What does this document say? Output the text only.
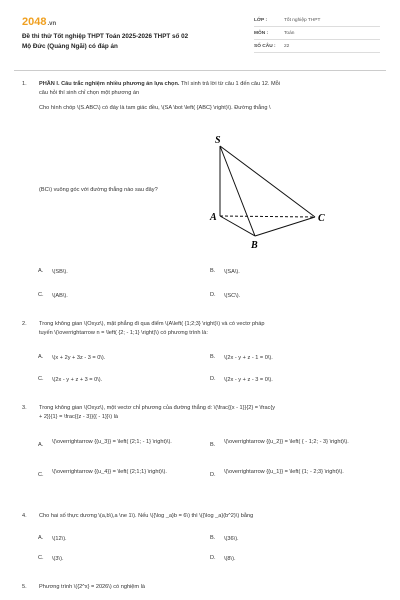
2048.vn
Đề thi thử Tốt nghiệp THPT Toán 2025-2026 THPT số 02
Mộ Đức (Quảng Ngãi) có đáp án
LỚP :	Tốt nghiệp THPT
MÔN :	Toán
SỐ CÂU :	22
1. PHẦN I. Câu trắc nghiệm nhiều phương án lựa chọn. Thí sinh trả lời từ câu 1 đến câu 12. Mỗi
câu hỏi thí sinh chỉ chọn một phương án
Cho hình chóp \(S.ABC\) có đáy là tam giác đều, \(SA \bot \left( {ABC} \right)\). Đường thẳng \
S
A
B
C
(BC\) vuông góc với đường thẳng nào sau đây?
A.	\(SB\).	B.	\(SA\).
C.	\(AB\).	D.	\(SC\).
2. Trong không gian \(Oxyz\), mặt phẳng đi qua điểm \(A\left( {1;2;3} \right)\) và có vectơ pháp
tuyến \(\overrightarrow n = \left( {2; - 1;1} \right)\) có phương trình là:
A.	\(x + 2y + 3z - 3 = 0\).	B.	\(2x - y + z - 1 = 0\).
C.	\(2x - y + z + 3 = 0\).	D.	\(2x - y + z - 3 = 0\).
3. Trong không gian \(Oxyz\), một vectơ chỉ phương của đường thẳng d: \(\frac{{x - 1}}{2} = \frac{y
+ 2}}{1} = \frac{{z - 3}}{{ - 1}}\) là
A.	\(\overrightarrow {{u_3}} = \left( {2;1; - 1} \right)\).	B.	\(\overrightarrow {{u_2}} = \left( { - 1;2; - 3} \right)\).
C.	\(\overrightarrow {{u_4}} = \left( {2;1;1} \right)\).	D.	\(\overrightarrow {{u_1}} = \left( {1; - 2;3} \right)\).
4. Cho hai số thực dương \(a,b\),a \ne 1\). Nếu \({\log _a}b = 6\) thì \({\log _a}(b^2)\) bằng
A.	\(12\).	B.	\(36\).
C.	\(3\).	D.	\(8\).
5. Phương trình \({2^x} = 2026\) có nghiệm là
